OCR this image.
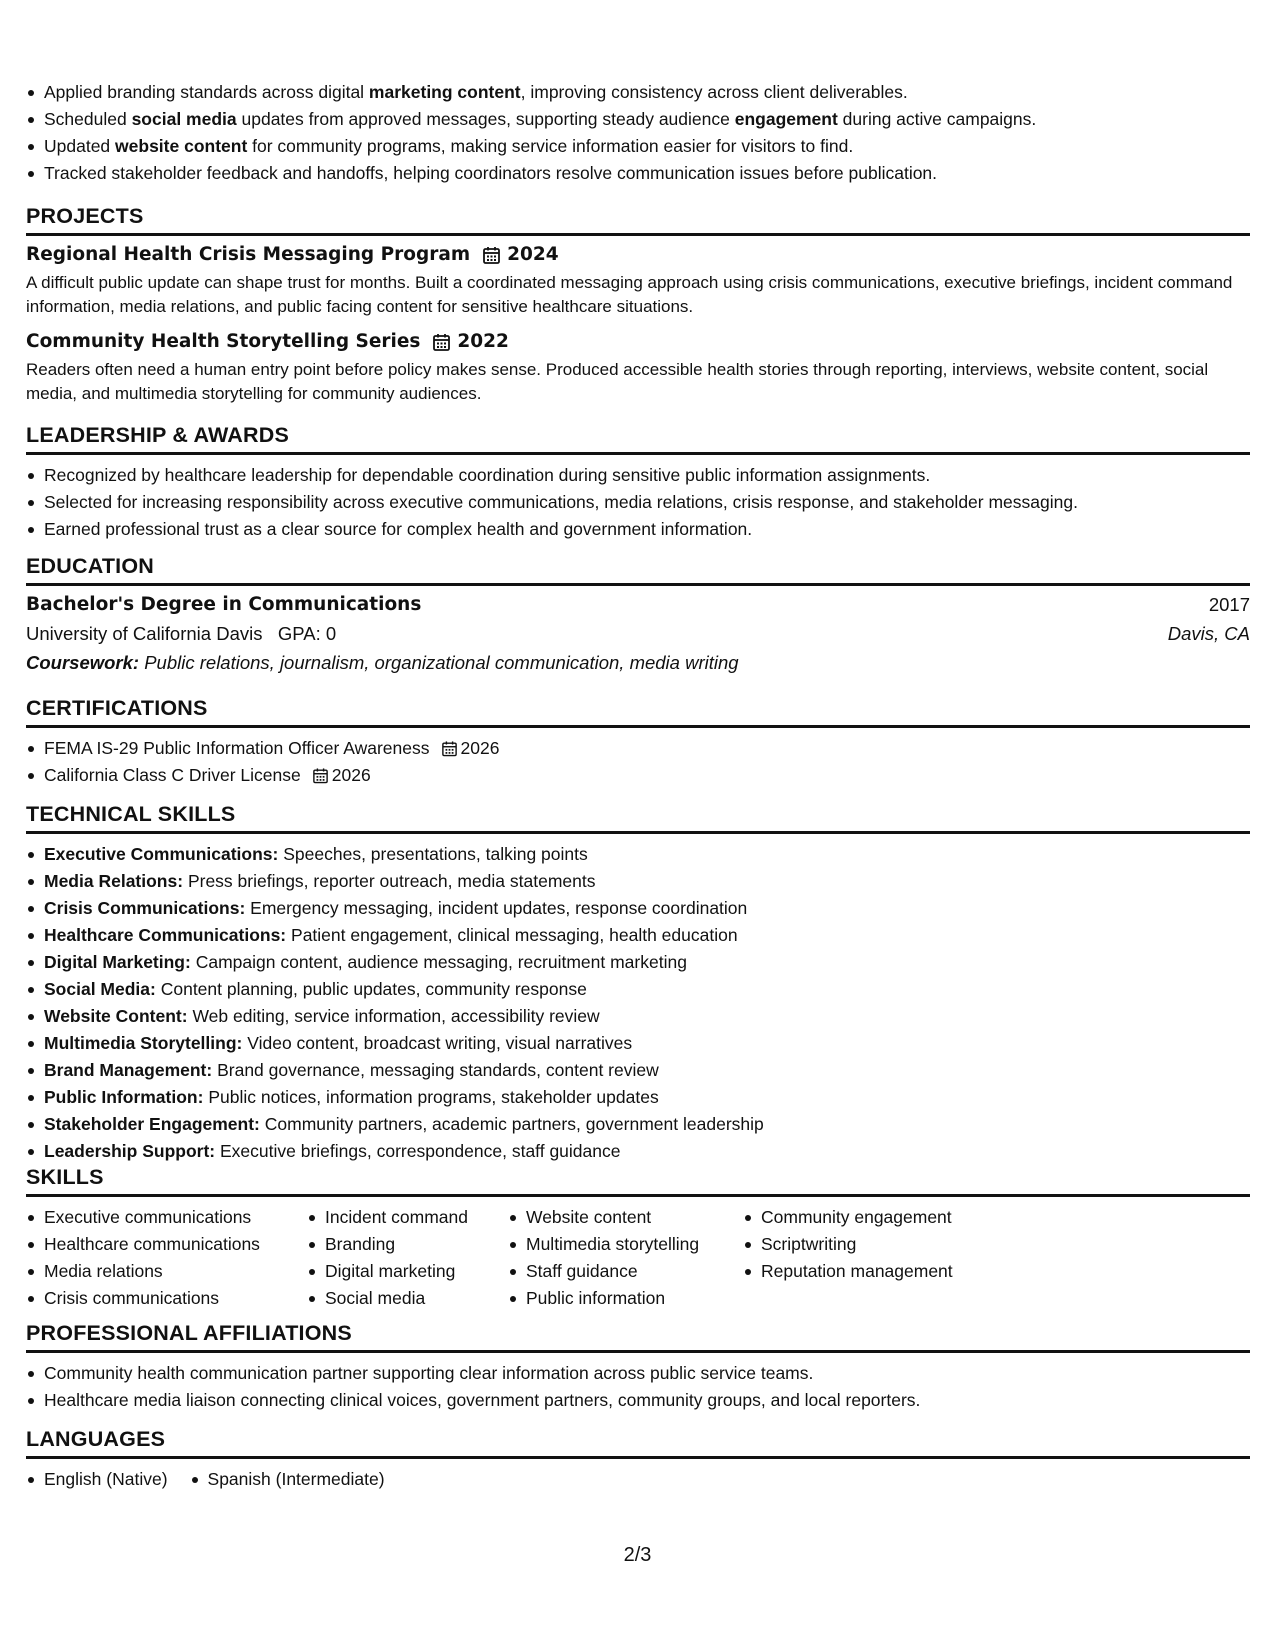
Applied branding standards across digital marketing content, improving consistency across client deliverables.
Scheduled social media updates from approved messages, supporting steady audience engagement during active campaigns.
Updated website content for community programs, making service information easier for visitors to find.
Tracked stakeholder feedback and handoffs, helping coordinators resolve communication issues before publication.
PROJECTS
Regional Health Crisis Messaging Program 2024
A difficult public update can shape trust for months. Built a coordinated messaging approach using crisis communications, executive briefings, incident command information, media relations, and public facing content for sensitive healthcare situations.
Community Health Storytelling Series 2022
Readers often need a human entry point before policy makes sense. Produced accessible health stories through reporting, interviews, website content, social media, and multimedia storytelling for community audiences.
LEADERSHIP & AWARDS
Recognized by healthcare leadership for dependable coordination during sensitive public information assignments.
Selected for increasing responsibility across executive communications, media relations, crisis response, and stakeholder messaging.
Earned professional trust as a clear source for complex health and government information.
EDUCATION
Bachelor's Degree in Communications	2017
University of California Davis GPA: 0	Davis, CA
Coursework: Public relations, journalism, organizational communication, media writing
CERTIFICATIONS
FEMA IS-29 Public Information Officer Awareness 2026
California Class C Driver License 2026
TECHNICAL SKILLS
Executive Communications: Speeches, presentations, talking points
Media Relations: Press briefings, reporter outreach, media statements
Crisis Communications: Emergency messaging, incident updates, response coordination
Healthcare Communications: Patient engagement, clinical messaging, health education
Digital Marketing: Campaign content, audience messaging, recruitment marketing
Social Media: Content planning, public updates, community response
Website Content: Web editing, service information, accessibility review
Multimedia Storytelling: Video content, broadcast writing, visual narratives
Brand Management: Brand governance, messaging standards, content review
Public Information: Public notices, information programs, stakeholder updates
Stakeholder Engagement: Community partners, academic partners, government leadership
Leadership Support: Executive briefings, correspondence, staff guidance
SKILLS
Executive communications
Healthcare communications
Media relations
Crisis communications
Incident command
Branding
Digital marketing
Social media
Website content
Multimedia storytelling
Staff guidance
Public information
Community engagement
Scriptwriting
Reputation management
PROFESSIONAL AFFILIATIONS
Community health communication partner supporting clear information across public service teams.
Healthcare media liaison connecting clinical voices, government partners, community groups, and local reporters.
LANGUAGES
English (Native)	Spanish (Intermediate)
2/3
